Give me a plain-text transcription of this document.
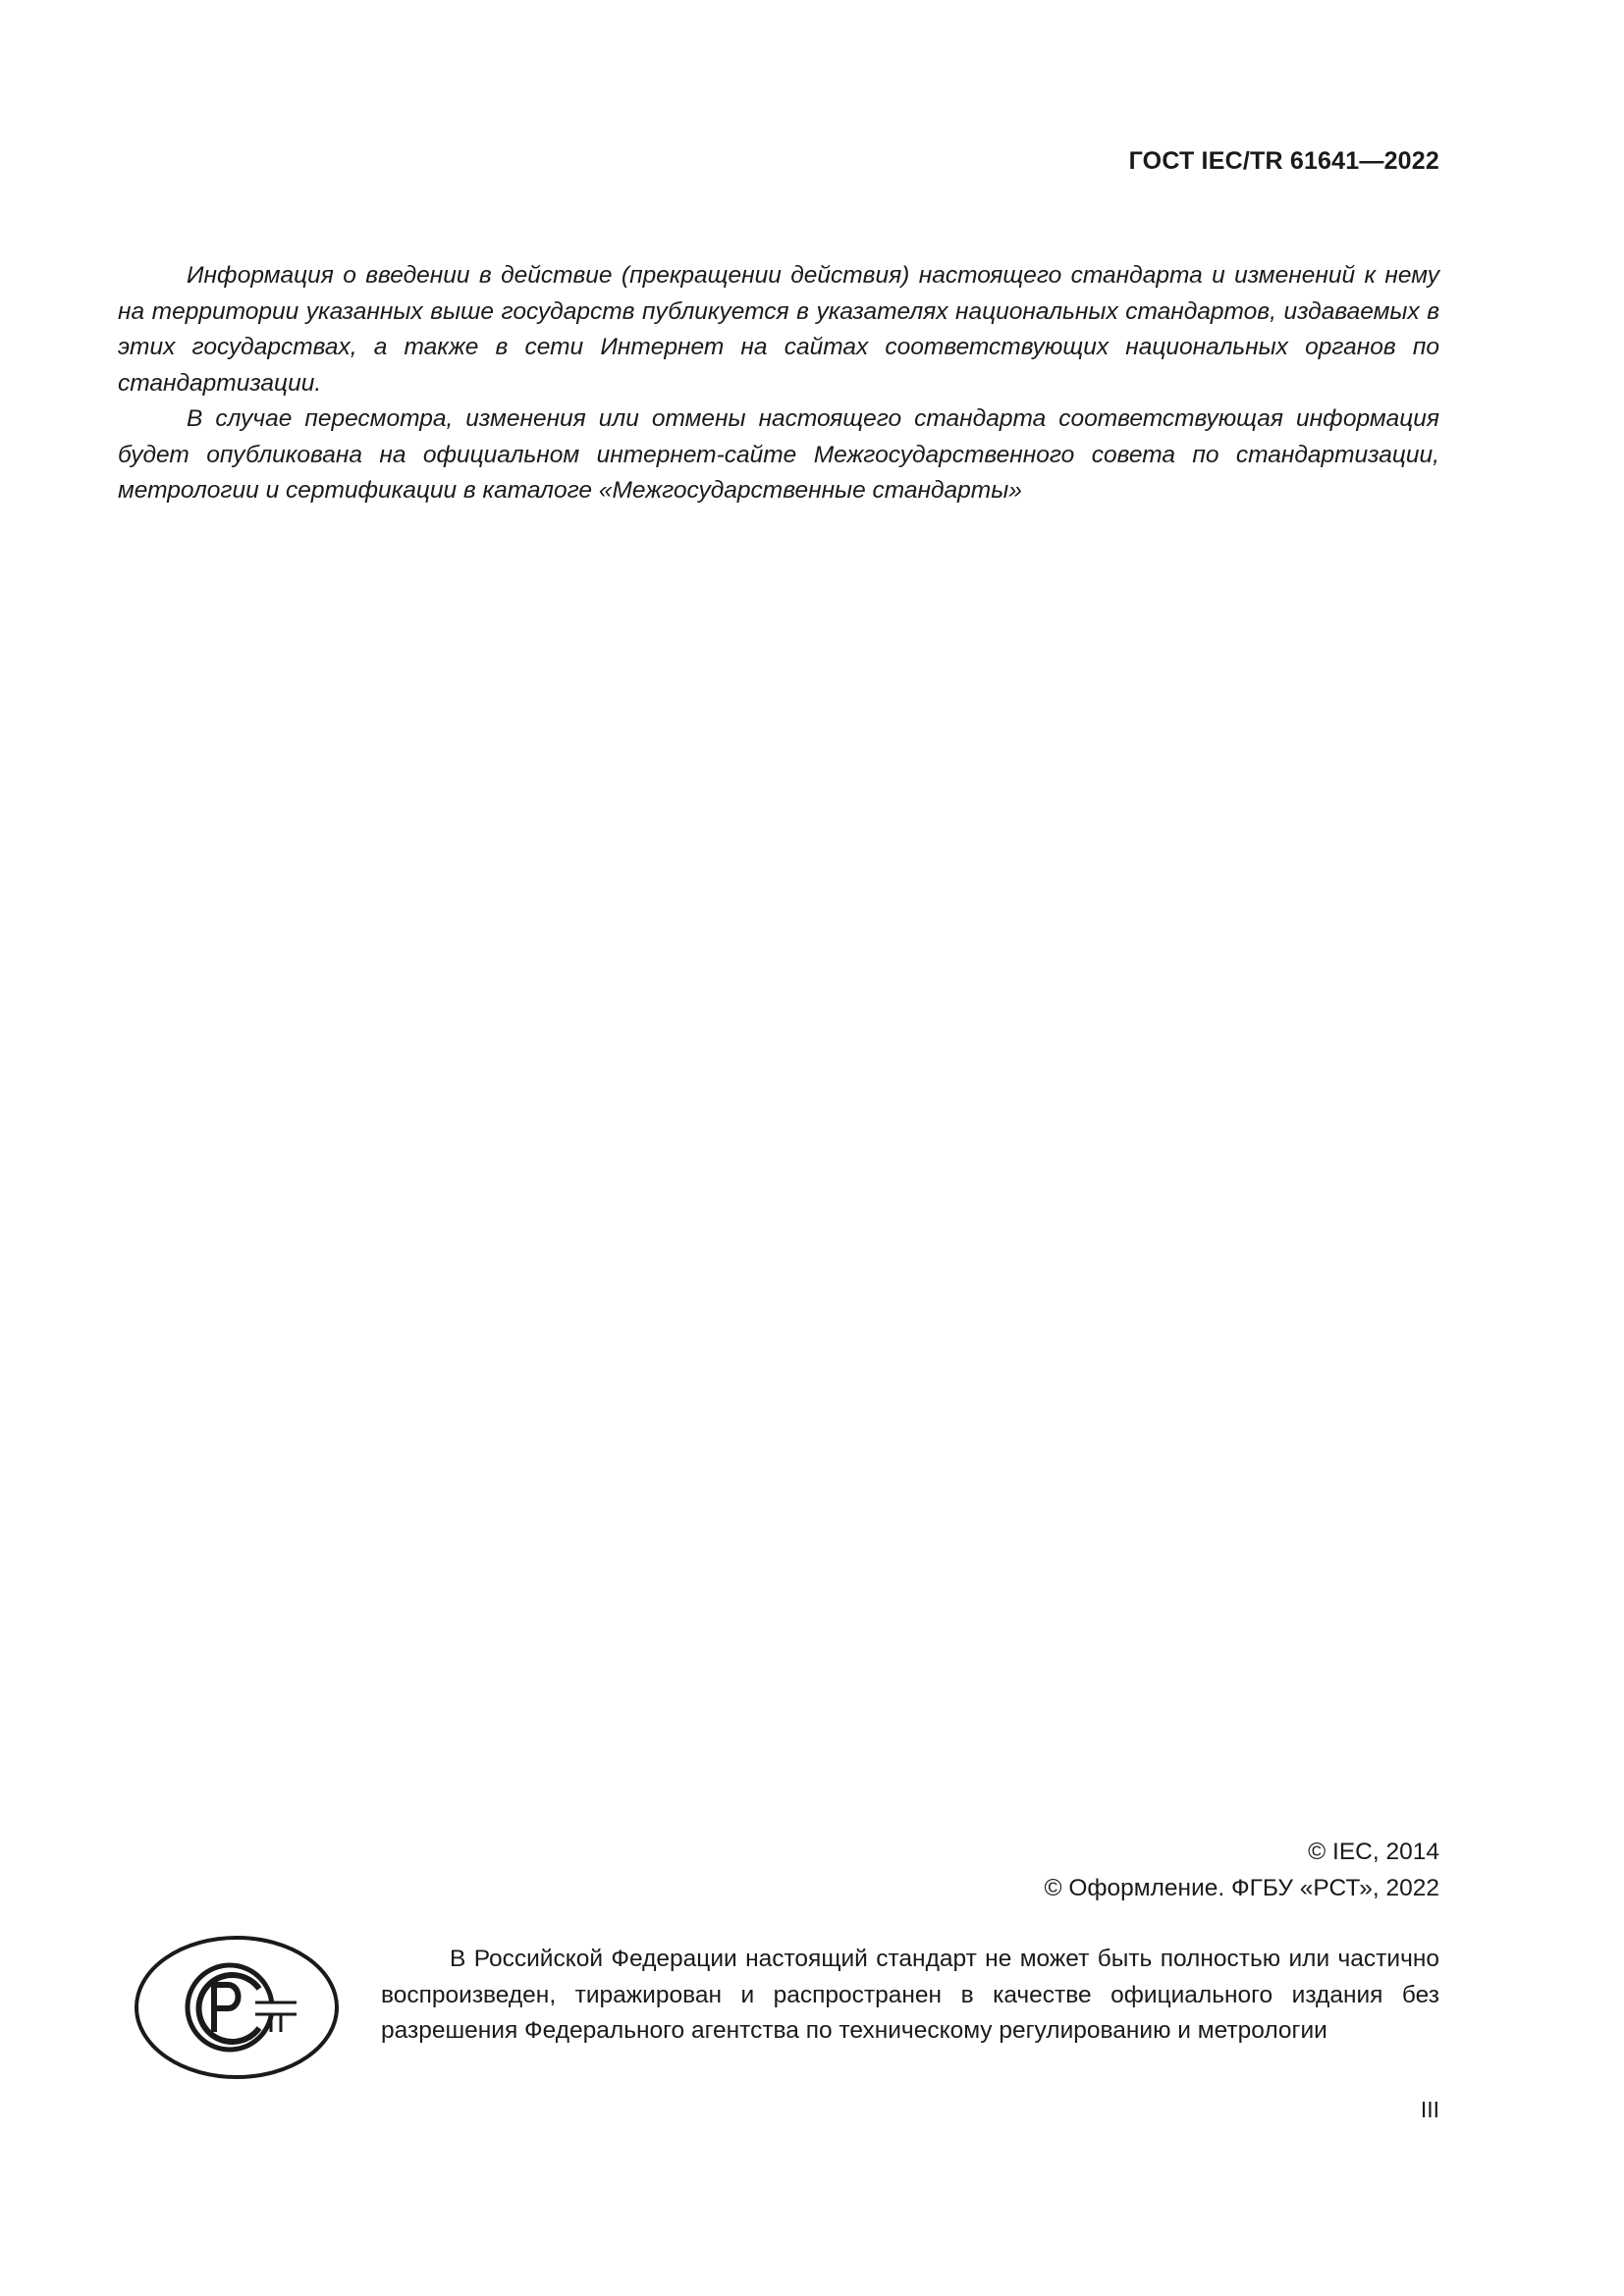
ГОСТ IEC/TR 61641—2022

Информация о введении в действие (прекращении действия) настоящего стандарта и изменений к нему на территории указанных выше государств публикуется в указателях национальных стандартов, издаваемых в этих государствах, а также в сети Интернет на сайтах соответствующих национальных органов по стандартизации.

В случае пересмотра, изменения или отмены настоящего стандарта соответствующая информация будет опубликована на официальном интернет-сайте Межгосударственного совета по стандартизации, метрологии и сертификации в каталоге «Межгосударственные стандарты»

© IEC, 2014
© Оформление. ФГБУ «РСТ», 2022

В Российской Федерации настоящий стандарт не может быть полностью или частично воспроизведен, тиражирован и распространен в качестве официального издания без разрешения Федерального агентства по техническому регулированию и метрологии

III
